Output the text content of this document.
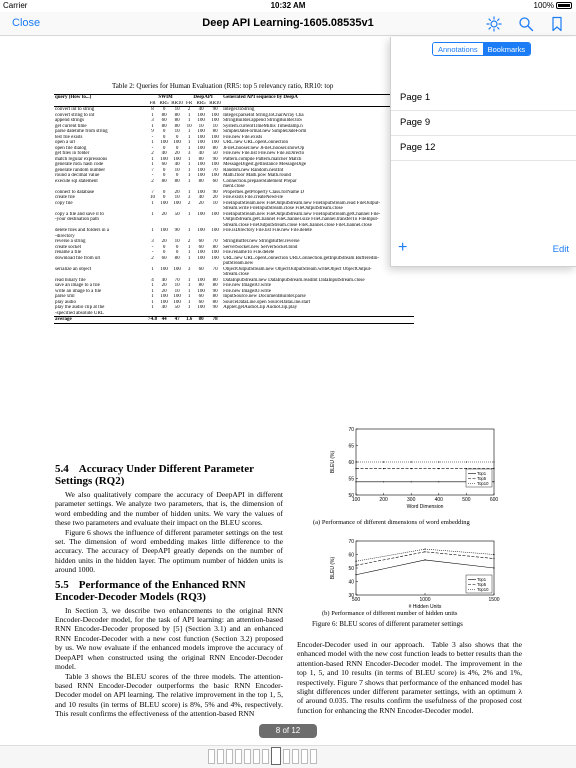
Carrier	10:32 AM	100%
Close	Deep API Learning-1605.08535v1
Table 2: Queries for Human Evaluation (RR5: top 5 relevancy ratio, RR10: top
query (How to...)	SWIM			DeepAPI			Generated API sequence by DeepA
	FR	RR5	RR10	FR	RR5	RR10	
convert int to string	8	0	10	2	40	90	Integer.toString
convert string to int	1	80	80	1	100	100	Integer.parseInt String.toCharArray Cha
append strings	3	60	80	1	100	100	StringBuilder.append StringBuilder.toS
get current time	1	80	80	10	10	10	System.currentTimeMillis Timestamp.n
parse datetime from string	9	0	10	1	100	80	SimpleDateFormat.new SimpleDateForm
test file exists	-	0	0	1	100	100	File.new File.exists
open a url	1	100	100	1	100	100	URL.new URL.openConnection
open file dialog	-	0	0	1	100	80	JFileChooser.new JFileChooser.showOp
get files in folder	2	40	20	3	40	50	File.new File.list File.new File.isDirecto
match regular expressions	1	100	100	1	80	90	Pattern.compile Pattern.matcher Match
generate md5 hash code	1	60	40	1	100	100	MessageDigest.getInstance MessageDige
generate random number	7	0	10	1	100	70	Random.new Random.nextInt
round a decimal value	-	0	0	1	100	100	Math.floor Math.pow Math.round
execute sql statement	2	80	80	1	80	60	Connection.prepareStatement Prepar
							ment.close
connect to database	7	0	20	1	100	90	Properties.getProperty Class.forName D
create file	10	0	10	3	40	20	File.exists File.createNewFile
copy file	1	100	100	2	20	10	FileInputStream.new FileOutputStream.new FileInputStream.read FileOutput-
							Stream.write FileInputStream.close FileOutputStream.close
copy a file and save it to	1	20	50	1	100	100	FileInputStream.new FileOutputStream.new FileInputStream.getChannel File-
-your destination path							OutputStream.getChannel FileChannel.size FileChannel.transferTo FileInput-
							Stream.close FileOutputStream.close FileChannel.close FileChannel.close
delete files and folders in a	1	100	90	1	100	100	File.isDirectory File.list File.new File.delete
-directory							
reverse a string	3	20	10	2	60	70	StringBuffer.new StringBuffer.reverse
create socket	-	0	0	1	60	80	ServerSocket.new ServerSocket.bind
rename a file	-	0	0	1	100	100	File.renameTo File.delete
download file from url	2	60	80	1	100	100	URL.new URL.openConnection URLConnection.getInputStream BufferedIn-
							putStream.new
serialize an object	1	100	100	3	60	70	ObjectOutputStream.new ObjectOutputStream.writeObject ObjectOutput-
							Stream.close
read binary file	4	40	70	1	100	80	DataInputStream.new DataInputStream.readInt DataInputStream.close
save an image to a file	1	20	10	1	80	80	File.new ImageIO.write
write an image to a file	1	20	10	1	100	90	File.new ImageIO.write
parse xml	1	100	100	1	60	80	InputSource.new DocumentBuilder.parse
play audio	1	100	100	1	60	80	SourceDataLine.open SourceDataLine.start
play the audio clip at the	1	40	50	1	100	90	Applet.getAudioClip AudioClip.play
-specified absolute URL							
average	>4.0	44	47	1.6	80	78	
5.4 Accuracy Under Different Parameter Settings (RQ2)

We also qualitatively compare the accuracy of DeepAPI in different parameter settings. We analyze two parameters, that is, the dimension of word embedding and the number of hidden units. We vary the values of these two parameters and evaluate their impact on the BLEU scores.

Figure 6 shows the influence of different parameter settings on the test set. The dimension of word embedding makes little difference to the accuracy. The accuracy of DeepAPI greatly depends on the number of hidden units in the hidden layer. The optimum number of hidden units is around 1000.

5.5 Performance of the Enhanced RNN Encoder-Decoder Models (RQ3)

In Section 3, we describe two enhancements to the original RNN Encoder-Decoder model, for the task of API learning: an attention-based RNN Encoder-Decoder proposed by [5] (Section 3.1) and an enhanced RNN Encoder-Decoder with a new cost function (Section 3.2) proposed by us. We now evaluate if the enhanced models improve the accuracy of DeepAPI when constructed using the original RNN Encoder-Decoder model.

Table 3 shows the BLEU scores of the three models. The attention-based RNN Encoder-Decoder outperforms the basic RNN Encoder-Decoder model on API learning. The relative improvement in the top 1, 5, and 10 results (in terms of BLEU score) is 8%, 5% and 4%, respectively. This result confirms the effectiveness of the attention-based RNN

50
55
60
65
70
100	200	300	400	500	600
Word Dimension
BLEU (%)
Top1
Top5
Top10
(a) Performance of different dimensions of word embedding
30
40
50
60
70
500	1000	1500
# Hidden Units
BLEU (%)
Top1
Top5
Top10
(b) Performance of different number of hidden units
Figure 6: BLEU scores of different parameter settings

Encoder-Decoder used in our approach.  Table 3 also shows that the enhanced model with the new cost function leads to better results than the attention-based RNN Encoder-Decoder model. The improvement in the top 1, 5, and 10 results (in terms of BLEU score) is 4%, 2% and 1%, respectively. Figure 7 shows that performance of the enhanced model has slight differences under different parameter settings, with an optimum λ of around 0.035. The results confirm the usefulness of the proposed cost function for enhancing the RNN Encoder-Decoder model.

Annotations	Bookmarks
Page 1
Page 9
Page 12
+	Edit
8 of 12
